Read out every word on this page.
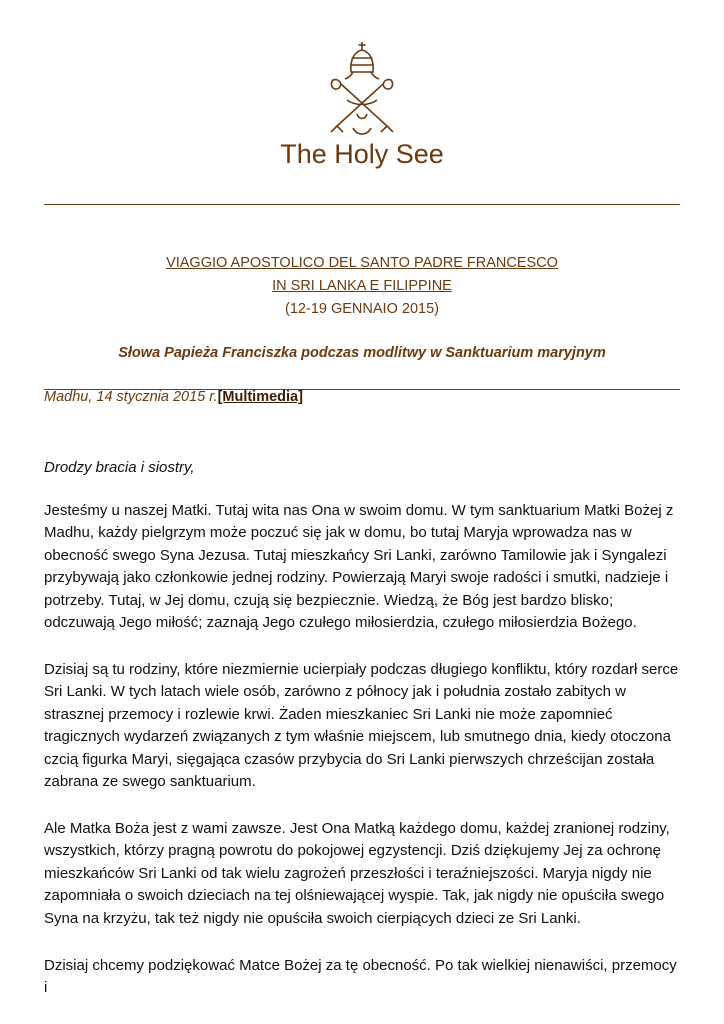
The Holy See
VIAGGIO APOSTOLICO DEL SANTO PADRE FRANCESCO
IN SRI LANKA E FILIPPINE
(12-19 GENNAIO 2015)
Słowa Papieża Franciszka podczas modlitwy w Sanktuarium maryjnym
Madhu, 14 stycznia 2015 r.[Multimedia]

Drodzy bracia i siostry,

Jesteśmy u naszej Matki. Tutaj wita nas Ona w swoim domu. W tym sanktuarium Matki Bożej z Madhu, każdy pielgrzym może poczuć się jak w domu, bo tutaj Maryja wprowadza nas w obecność swego Syna Jezusa. Tutaj mieszkańcy Sri Lanki, zarówno Tamilowie jak i Syngalezi przybywają jako członkowie jednej rodziny. Powierzają Maryi swoje radości i smutki, nadzieje i potrzeby. Tutaj, w Jej domu, czują się bezpiecznie. Wiedzą, że Bóg jest bardzo blisko; odczuwają Jego miłość; zaznają Jego czułego miłosierdzia, czułego miłosierdzia Bożego.

Dzisiaj są tu rodziny, które niezmiernie ucierpiały podczas długiego konfliktu, który rozdarł serce Sri Lanki. W tych latach wiele osób, zarówno z północy jak i południa zostało zabitych w strasznej przemocy i rozlewie krwi. Żaden mieszkaniec Sri Lanki nie może zapomnieć tragicznych wydarzeń związanych z tym właśnie miejscem, lub smutnego dnia, kiedy otoczona czcią figurka Maryi, sięgająca czasów przybycia do Sri Lanki pierwszych chrześcijan została zabrana ze swego sanktuarium.

Ale Matka Boża jest z wami zawsze. Jest Ona Matką każdego domu, każdej zranionej rodziny, wszystkich, którzy pragną powrotu do pokojowej egzystencji. Dziś dziękujemy Jej za ochronę mieszkańców Sri Lanki od tak wielu zagrożeń przeszłości i teraźniejszości. Maryja nigdy nie zapomniała o swoich dzieciach na tej olśniewającej wyspie. Tak, jak nigdy nie opuściła swego Syna na krzyżu, tak też nigdy nie opuściła swoich cierpiących dzieci ze Sri Lanki.

Dzisiaj chcemy podziękować Matce Bożej za tę obecność. Po tak wielkiej nienawiści, przemocy i
